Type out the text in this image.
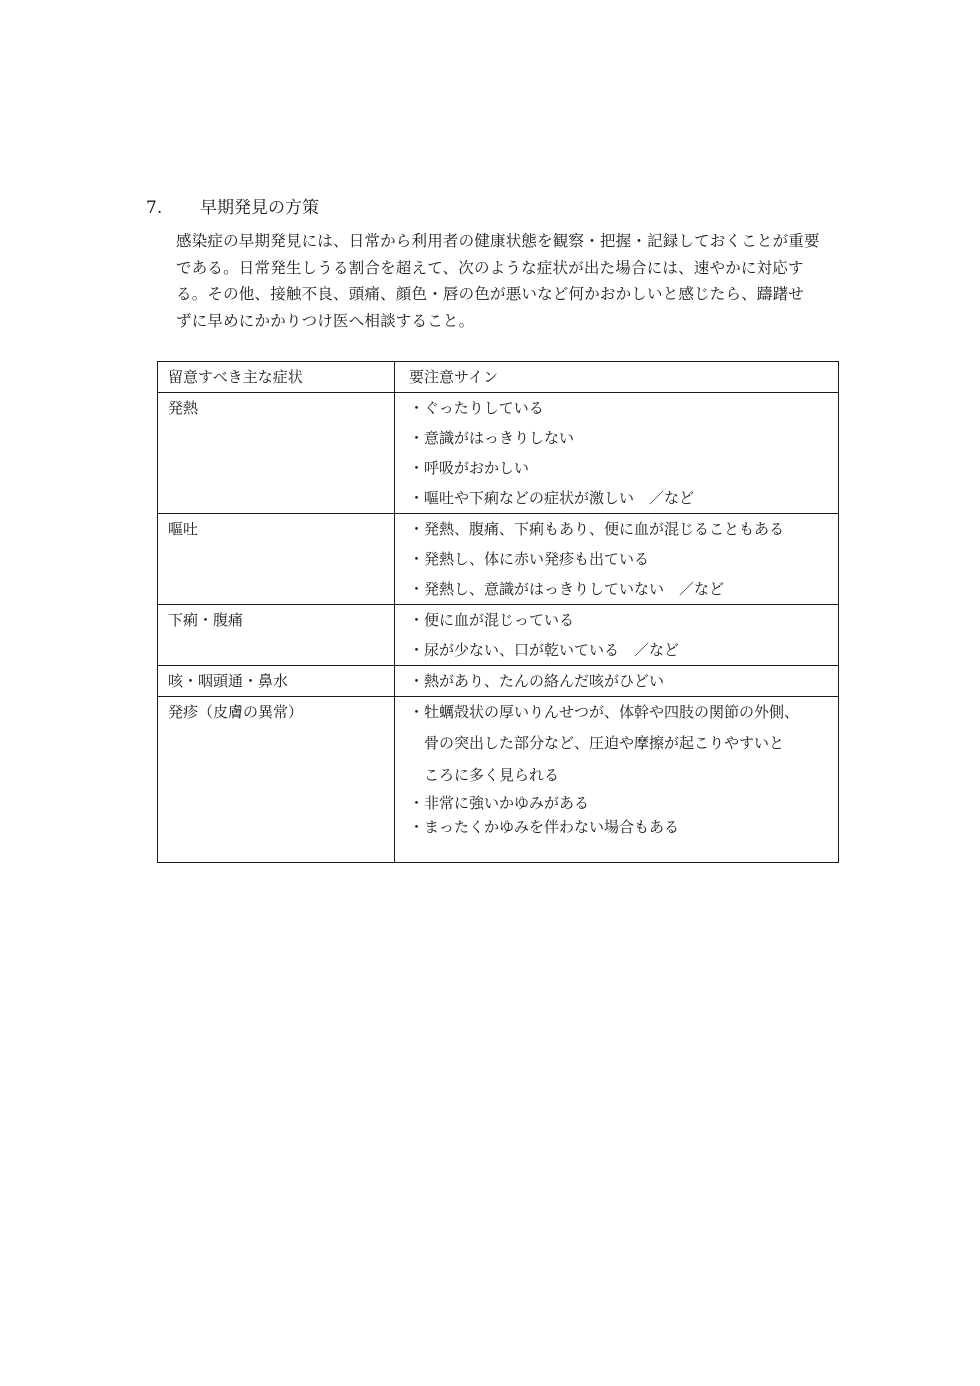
7.	早期発見の方策
感染症の早期発見には、日常から利用者の健康状態を観察・把握・記録しておくことが重要
である。日常発生しうる割合を超えて、次のような症状が出た場合には、速やかに対応す
る。その他、接触不良、頭痛、顔色・唇の色が悪いなど何かおかしいと感じたら、躊躇せ
ずに早めにかかりつけ医へ相談すること。
留意すべき主な症状	要注意サイン

発熱	・ぐったりしている
・意識がはっきりしない
・呼吸がおかしい
・嘔吐や下痢などの症状が激しい　／など

嘔吐	・発熱、腹痛、下痢もあり、便に血が混じることもある
・発熱し、体に赤い発疹も出ている
・発熱し、意識がはっきりしていない　／など

下痢・腹痛	・便に血が混じっている
・尿が少ない、口が乾いている　／など

咳・咽頭通・鼻水	・熱があり、たんの絡んだ咳がひどい

発疹（皮膚の異常）	・牡蠣殻状の厚いりんせつが、体幹や四肢の関節の外側、
骨の突出した部分など、圧迫や摩擦が起こりやすいと
ころに多く見られる
・非常に強いかゆみがある
・まったくかゆみを伴わない場合もある
